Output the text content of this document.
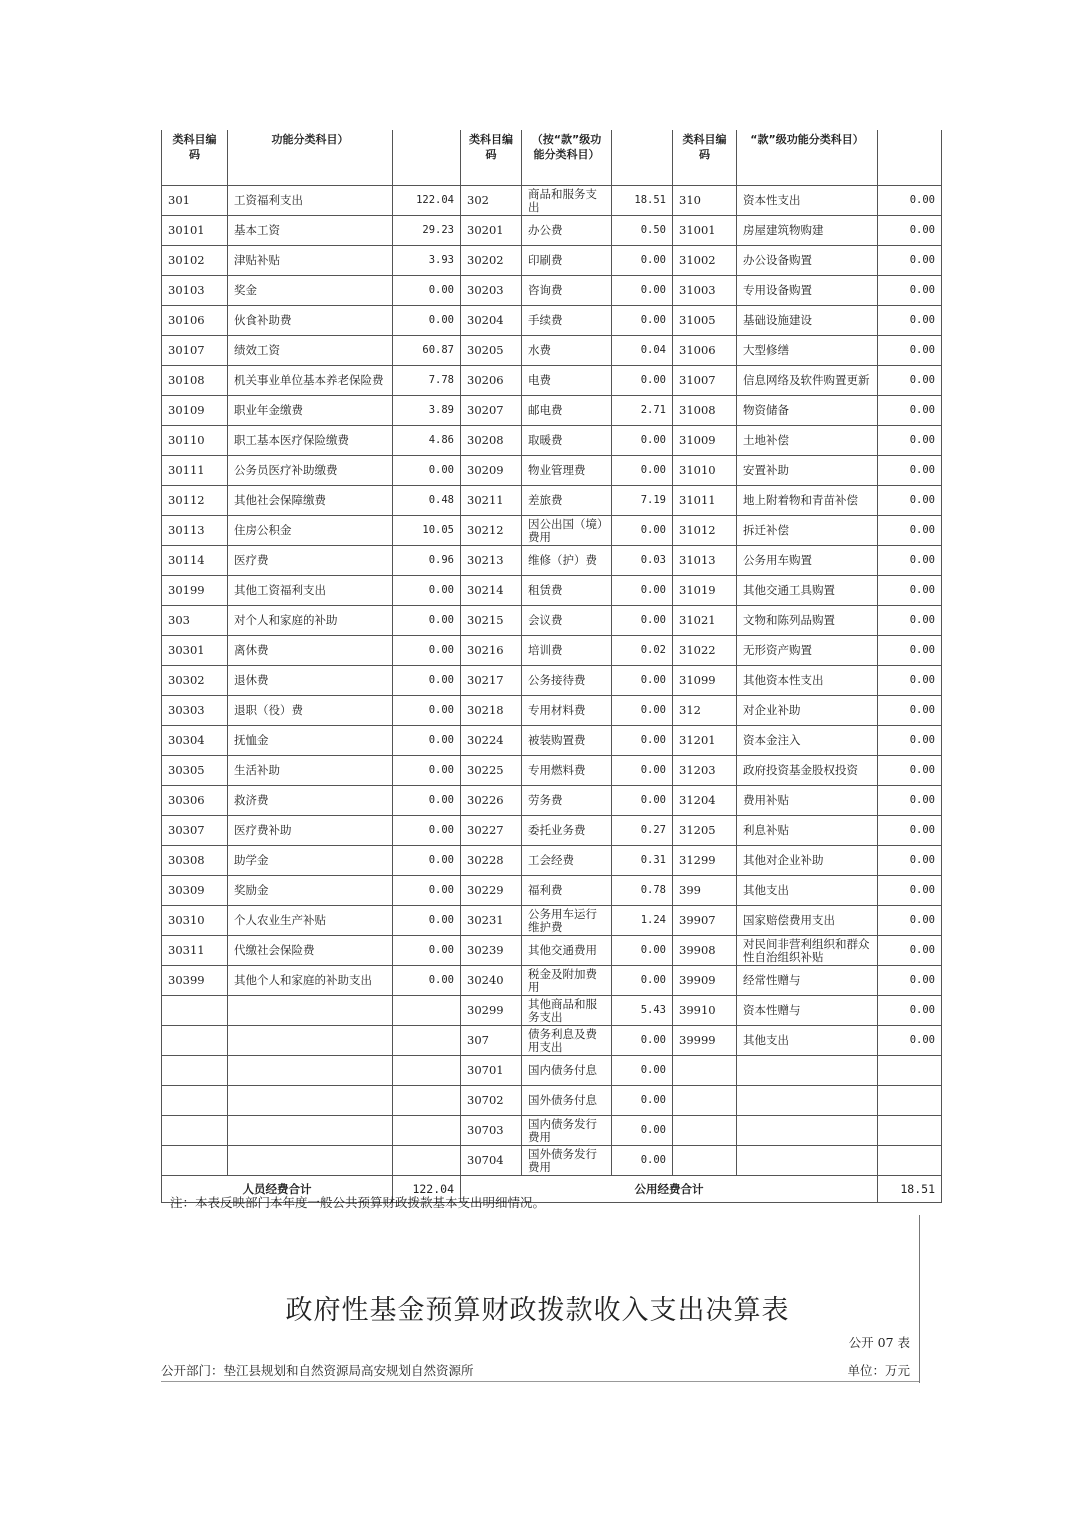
类科目编码	功能分类科目）		类科目编码	（按“款”级功能分类科目）		类科目编码	“款”级功能分类科目）	
301	工资福利支出	122.04	302	商品和服务支出	18.51	310	资本性支出	0.00
30101	基本工资	29.23	30201	办公费	0.50	31001	房屋建筑物购建	0.00
30102	津贴补贴	3.93	30202	印刷费	0.00	31002	办公设备购置	0.00
30103	奖金	0.00	30203	咨询费	0.00	31003	专用设备购置	0.00
30106	伙食补助费	0.00	30204	手续费	0.00	31005	基础设施建设	0.00
30107	绩效工资	60.87	30205	水费	0.04	31006	大型修缮	0.00
30108	机关事业单位基本养老保险费	7.78	30206	电费	0.00	31007	信息网络及软件购置更新	0.00
30109	职业年金缴费	3.89	30207	邮电费	2.71	31008	物资储备	0.00
30110	职工基本医疗保险缴费	4.86	30208	取暖费	0.00	31009	土地补偿	0.00
30111	公务员医疗补助缴费	0.00	30209	物业管理费	0.00	31010	安置补助	0.00
30112	其他社会保障缴费	0.48	30211	差旅费	7.19	31011	地上附着物和青苗补偿	0.00
30113	住房公积金	10.05	30212	因公出国（境）费用	0.00	31012	拆迁补偿	0.00
30114	医疗费	0.96	30213	维修（护）费	0.03	31013	公务用车购置	0.00
30199	其他工资福利支出	0.00	30214	租赁费	0.00	31019	其他交通工具购置	0.00
303	对个人和家庭的补助	0.00	30215	会议费	0.00	31021	文物和陈列品购置	0.00
30301	离休费	0.00	30216	培训费	0.02	31022	无形资产购置	0.00
30302	退休费	0.00	30217	公务接待费	0.00	31099	其他资本性支出	0.00
30303	退职（役）费	0.00	30218	专用材料费	0.00	312	对企业补助	0.00
30304	抚恤金	0.00	30224	被装购置费	0.00	31201	资本金注入	0.00
30305	生活补助	0.00	30225	专用燃料费	0.00	31203	政府投资基金股权投资	0.00
30306	救济费	0.00	30226	劳务费	0.00	31204	费用补贴	0.00
30307	医疗费补助	0.00	30227	委托业务费	0.27	31205	利息补贴	0.00
30308	助学金	0.00	30228	工会经费	0.31	31299	其他对企业补助	0.00
30309	奖励金	0.00	30229	福利费	0.78	399	其他支出	0.00
30310	个人农业生产补贴	0.00	30231	公务用车运行维护费	1.24	39907	国家赔偿费用支出	0.00
30311	代缴社会保险费	0.00	30239	其他交通费用	0.00	39908	对民间非营利组织和群众性自治组织补贴	0.00
30399	其他个人和家庭的补助支出	0.00	30240	税金及附加费用	0.00	39909	经常性赠与	0.00
			30299	其他商品和服务支出	5.43	39910	资本性赠与	0.00
			307	债务利息及费用支出	0.00	39999	其他支出	0.00
			30701	国内债务付息	0.00			
			30702	国外债务付息	0.00			
			30703	国内债务发行费用	0.00			
			30704	国外债务发行费用	0.00			
人员经费合计		122.04	公用经费合计					18.51
注：本表反映部门本年度一般公共预算财政拨款基本支出明细情况。
政府性基金预算财政拨款收入支出决算表
公开 07 表
公开部门：垫江县规划和自然资源局高安规划自然资源所	单位：万元
